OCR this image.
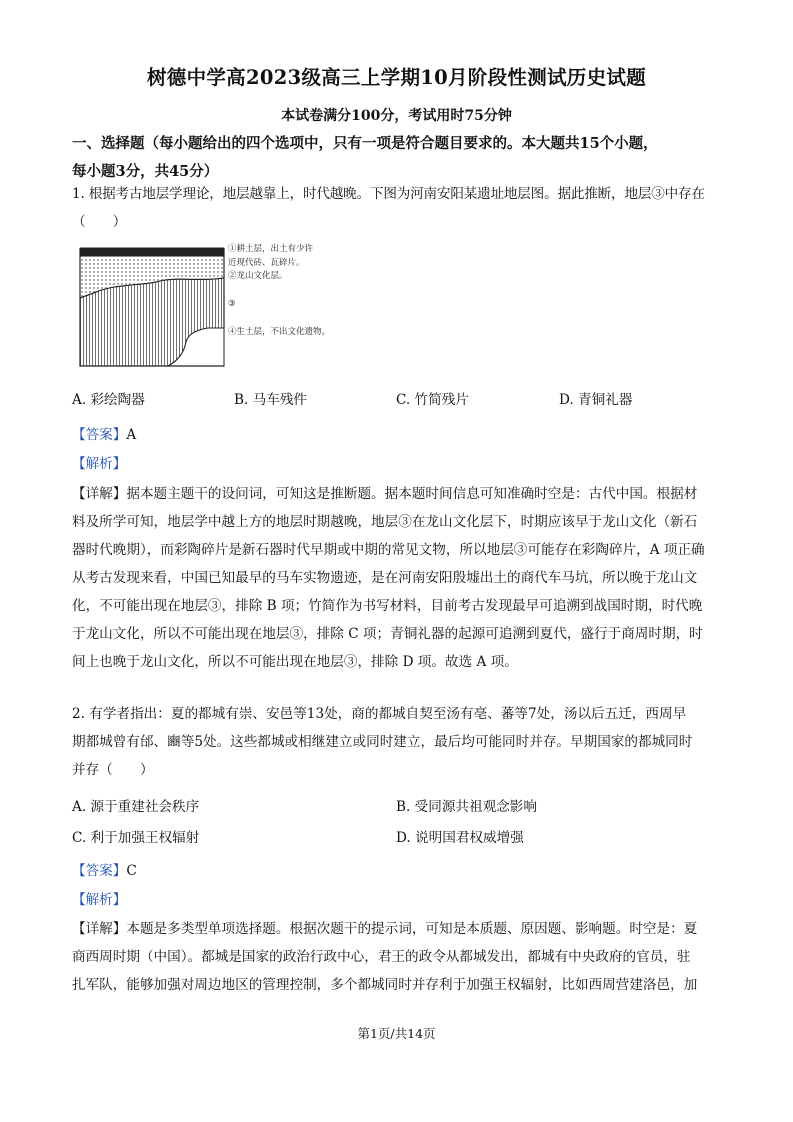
树德中学高2023级高三上学期10月阶段性测试历史试题
本试卷满分100分，考试用时75分钟
一、选择题（每小题给出的四个选项中，只有一项是符合题目要求的。本大题共15个小题，
每小题3分，共45分）
1. 根据考古地层学理论，地层越靠上，时代越晚。下图为河南安阳某遗址地层图。据此推断，地层③中存在
（　　）
①耕土层，出土有少许
近现代砖、瓦碎片。
②龙山文化层。
③
④生土层，不出文化遗物。
A. 彩绘陶器	B. 马车残件	C. 竹简残片	D. 青铜礼器
【答案】A
【解析】
【详解】据本题主题干的设问词，可知这是推断题。据本题时间信息可知准确时空是：古代中国。根据材
料及所学可知，地层学中越上方的地层时期越晚，地层③在龙山文化层下，时期应该早于龙山文化（新石
器时代晚期），而彩陶碎片是新石器时代早期或中期的常见文物，所以地层③可能存在彩陶碎片，A 项正确
从考古发现来看，中国已知最早的马车实物遗迹，是在河南安阳殷墟出土的商代车马坑，所以晚于龙山文
化，不可能出现在地层③，排除 B 项；竹简作为书写材料，目前考古发现最早可追溯到战国时期，时代晚
于龙山文化，所以不可能出现在地层③，排除 C 项；青铜礼器的起源可追溯到夏代，盛行于商周时期，时
间上也晚于龙山文化，所以不可能出现在地层③，排除 D 项。故选 A 项。
2. 有学者指出：夏的都城有崇、安邑等13处，商的都城自契至汤有亳、蕃等7处，汤以后五迁，西周早
期都城曾有邰、豳等5处。这些都城或相继建立或同时建立，最后均可能同时并存。早期国家的都城同时
并存（　　）
A. 源于重建社会秩序	B. 受同源共祖观念影响
C. 利于加强王权辐射	D. 说明国君权威增强
【答案】C
【解析】
【详解】本题是多类型单项选择题。根据次题干的提示词，可知是本质题、原因题、影响题。时空是：夏
商西周时期（中国）。都城是国家的政治行政中心，君王的政令从都城发出，都城有中央政府的官员，驻
扎军队，能够加强对周边地区的管理控制，多个都城同时并存利于加强王权辐射，比如西周营建洛邑，加
第1页/共14页
